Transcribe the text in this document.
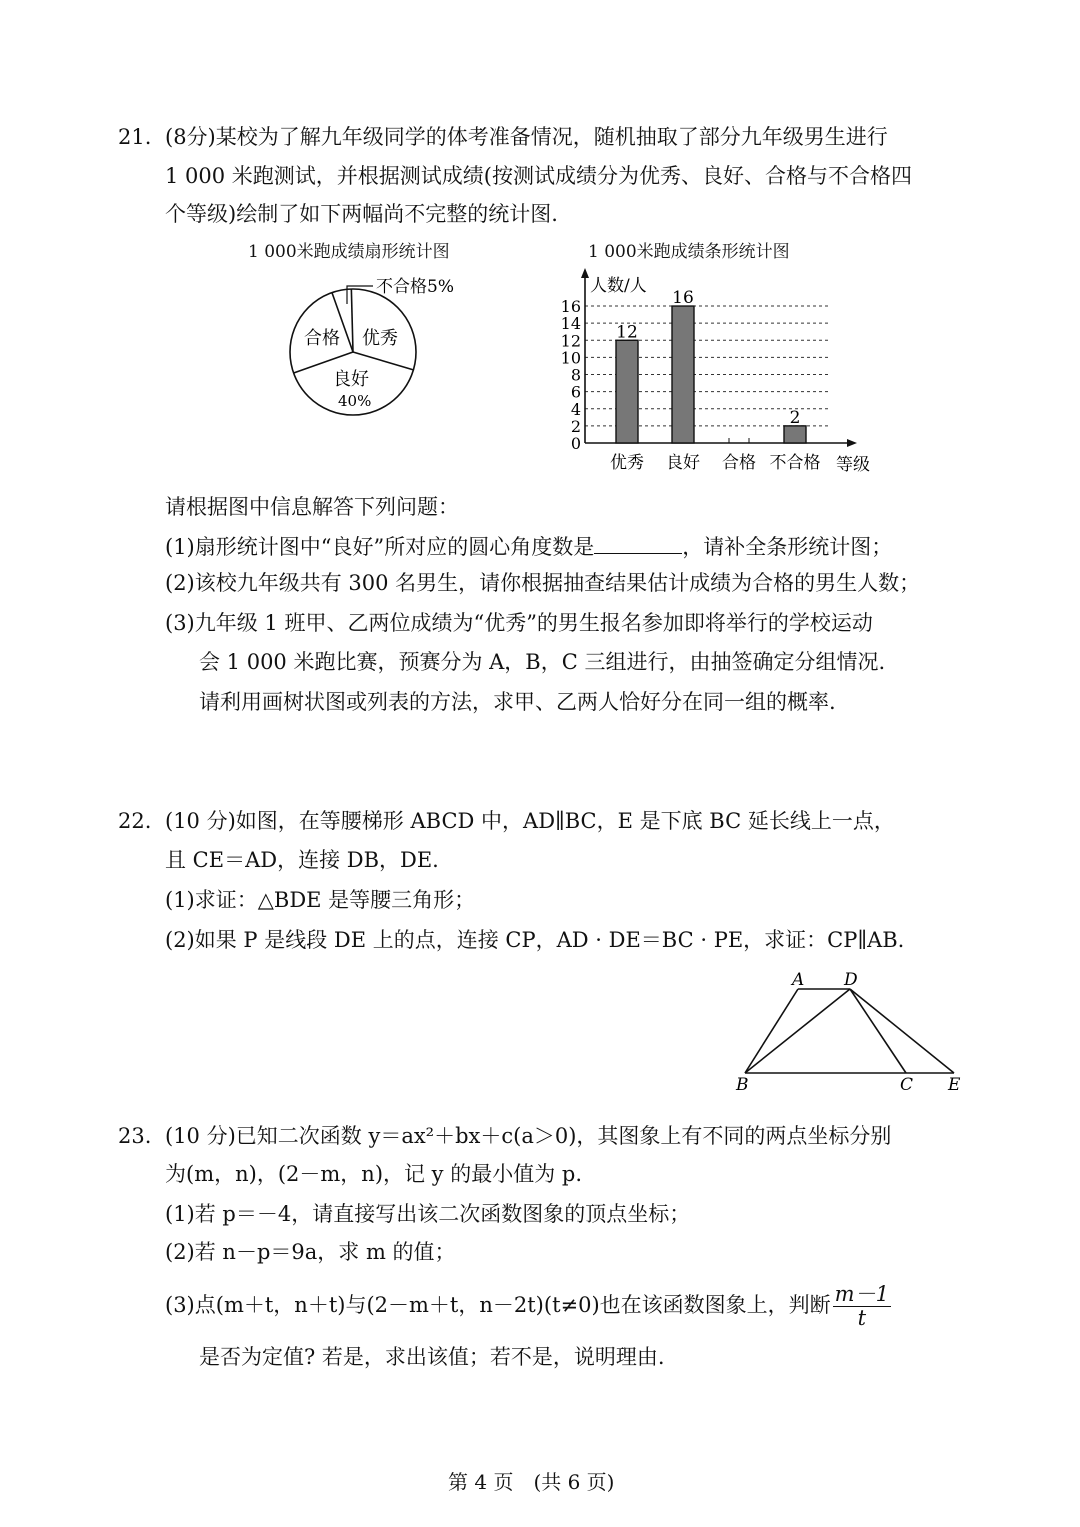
21. (8分)某校为了解九年级同学的体考准备情况，随机抽取了部分九年级男生进行
1 000 米跑测试，并根据测试成绩(按测试成绩分为优秀、良好、合格与不合格四
个等级)绘制了如下两幅尚不完整的统计图.
1 000米跑成绩扇形统计图	1 000米跑成绩条形统计图
不合格5%
合格 优秀
良好
40%
0
2
4
6
8
10
12
14
16
12
优秀
16
良好 合格
2
不合格
人数/人
等级
请根据图中信息解答下列问题：
(1)扇形统计图中“良好”所对应的圆心角度数是	，请补全条形统计图；
(2)该校九年级共有 300 名男生，请你根据抽查结果估计成绩为合格的男生人数；
(3)九年级 1 班甲、乙两位成绩为“优秀”的男生报名参加即将举行的学校运动
会 1 000 米跑比赛，预赛分为 A，B，C 三组进行，由抽签确定分组情况.
请利用画树状图或列表的方法，求甲、乙两人恰好分在同一组的概率.
22. (10 分)如图，在等腰梯形 ABCD 中，AD∥BC，E 是下底 BC 延长线上一点，
且 CE＝AD，连接 DB，DE.
(1)求证：△BDE 是等腰三角形；
(2)如果 P 是线段 DE 上的点，连接 CP，AD · DE＝BC · PE，求证：CP∥AB.
A D
B	C E
23. (10 分)已知二次函数 y＝ax²＋bx＋c(a＞0)，其图象上有不同的两点坐标分别
为(m，n)，(2－m，n)，记 y 的最小值为 p.
(1)若 p＝－4，请直接写出该二次函数图象的顶点坐标；
(2)若 n－p＝9a，求 m 的值；
(3)点(m＋t，n＋t)与(2－m＋t，n－2t)(t≠0)也在该函数图象上，判断 $\frac{m-1}{t}$
是否为定值? 若是，求出该值；若不是，说明理由.
第 4 页　(共 6 页)
